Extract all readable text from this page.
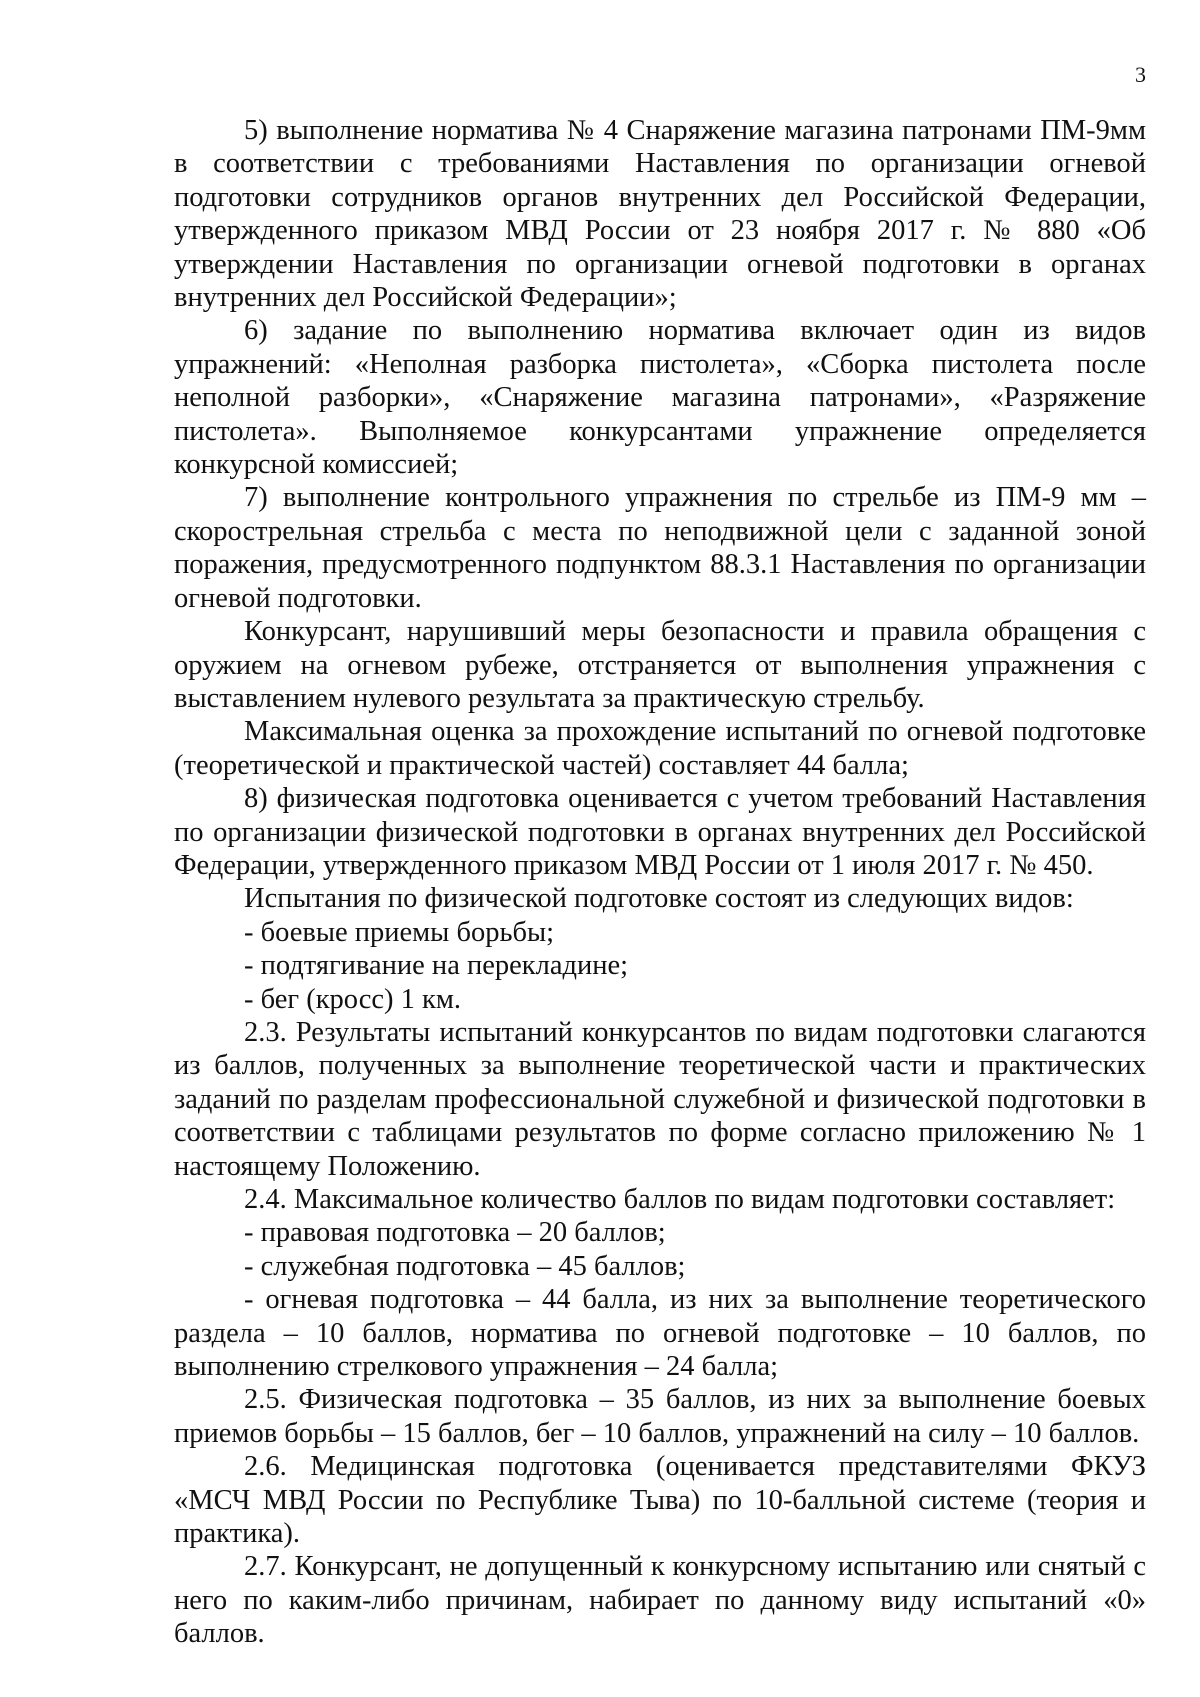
3

5) выполнение норматива № 4 Снаряжение магазина патронами ПМ-9мм в соответствии с требованиями Наставления по организации огневой подготовки сотрудников органов внутренних дел Российской Федерации, утвержденного приказом МВД России от 23 ноября 2017 г. № 880 «Об утверждении Наставления по организации огневой подготовки в органах внутренних дел Российской Федерации»;

6) задание по выполнению норматива включает один из видов упражнений: «Неполная разборка пистолета», «Сборка пистолета после неполной разборки», «Снаряжение магазина патронами», «Разряжение пистолета». Выполняемое конкурсантами упражнение определяется конкурсной комиссией;

7) выполнение контрольного упражнения по стрельбе из ПМ-9 мм – скорострельная стрельба с места по неподвижной цели с заданной зоной поражения, предусмотренного подпунктом 88.3.1 Наставления по организации огневой подготовки.

Конкурсант, нарушивший меры безопасности и правила обращения с оружием на огневом рубеже, отстраняется от выполнения упражнения с выставлением нулевого результата за практическую стрельбу.

Максимальная оценка за прохождение испытаний по огневой подготовке (теоретической и практической частей) составляет 44 балла;

8) физическая подготовка оценивается с учетом требований Наставления по организации физической подготовки в органах внутренних дел Российской Федерации, утвержденного приказом МВД России от 1 июля 2017 г. № 450.

Испытания по физической подготовке состоят из следующих видов:

- боевые приемы борьбы;

- подтягивание на перекладине;

- бег (кросс) 1 км.

2.3. Результаты испытаний конкурсантов по видам подготовки слагаются из баллов, полученных за выполнение теоретической части и практических заданий по разделам профессиональной служебной и физической подготовки в соответствии с таблицами результатов по форме согласно приложению № 1 настоящему Положению.

2.4. Максимальное количество баллов по видам подготовки составляет:

- правовая подготовка – 20 баллов;

- служебная подготовка – 45 баллов;

- огневая подготовка – 44 балла, из них за выполнение теоретического раздела – 10 баллов, норматива по огневой подготовке – 10 баллов, по выполнению стрелкового упражнения – 24 балла;

2.5. Физическая подготовка – 35 баллов, из них за выполнение боевых приемов борьбы – 15 баллов, бег – 10 баллов, упражнений на силу – 10 баллов.

2.6. Медицинская подготовка (оценивается представителями ФКУЗ «МСЧ МВД России по Республике Тыва) по 10-балльной системе (теория и практика).

2.7. Конкурсант, не допущенный к конкурсному испытанию или снятый с него по каким-либо причинам, набирает по данному виду испытаний «0» баллов.
